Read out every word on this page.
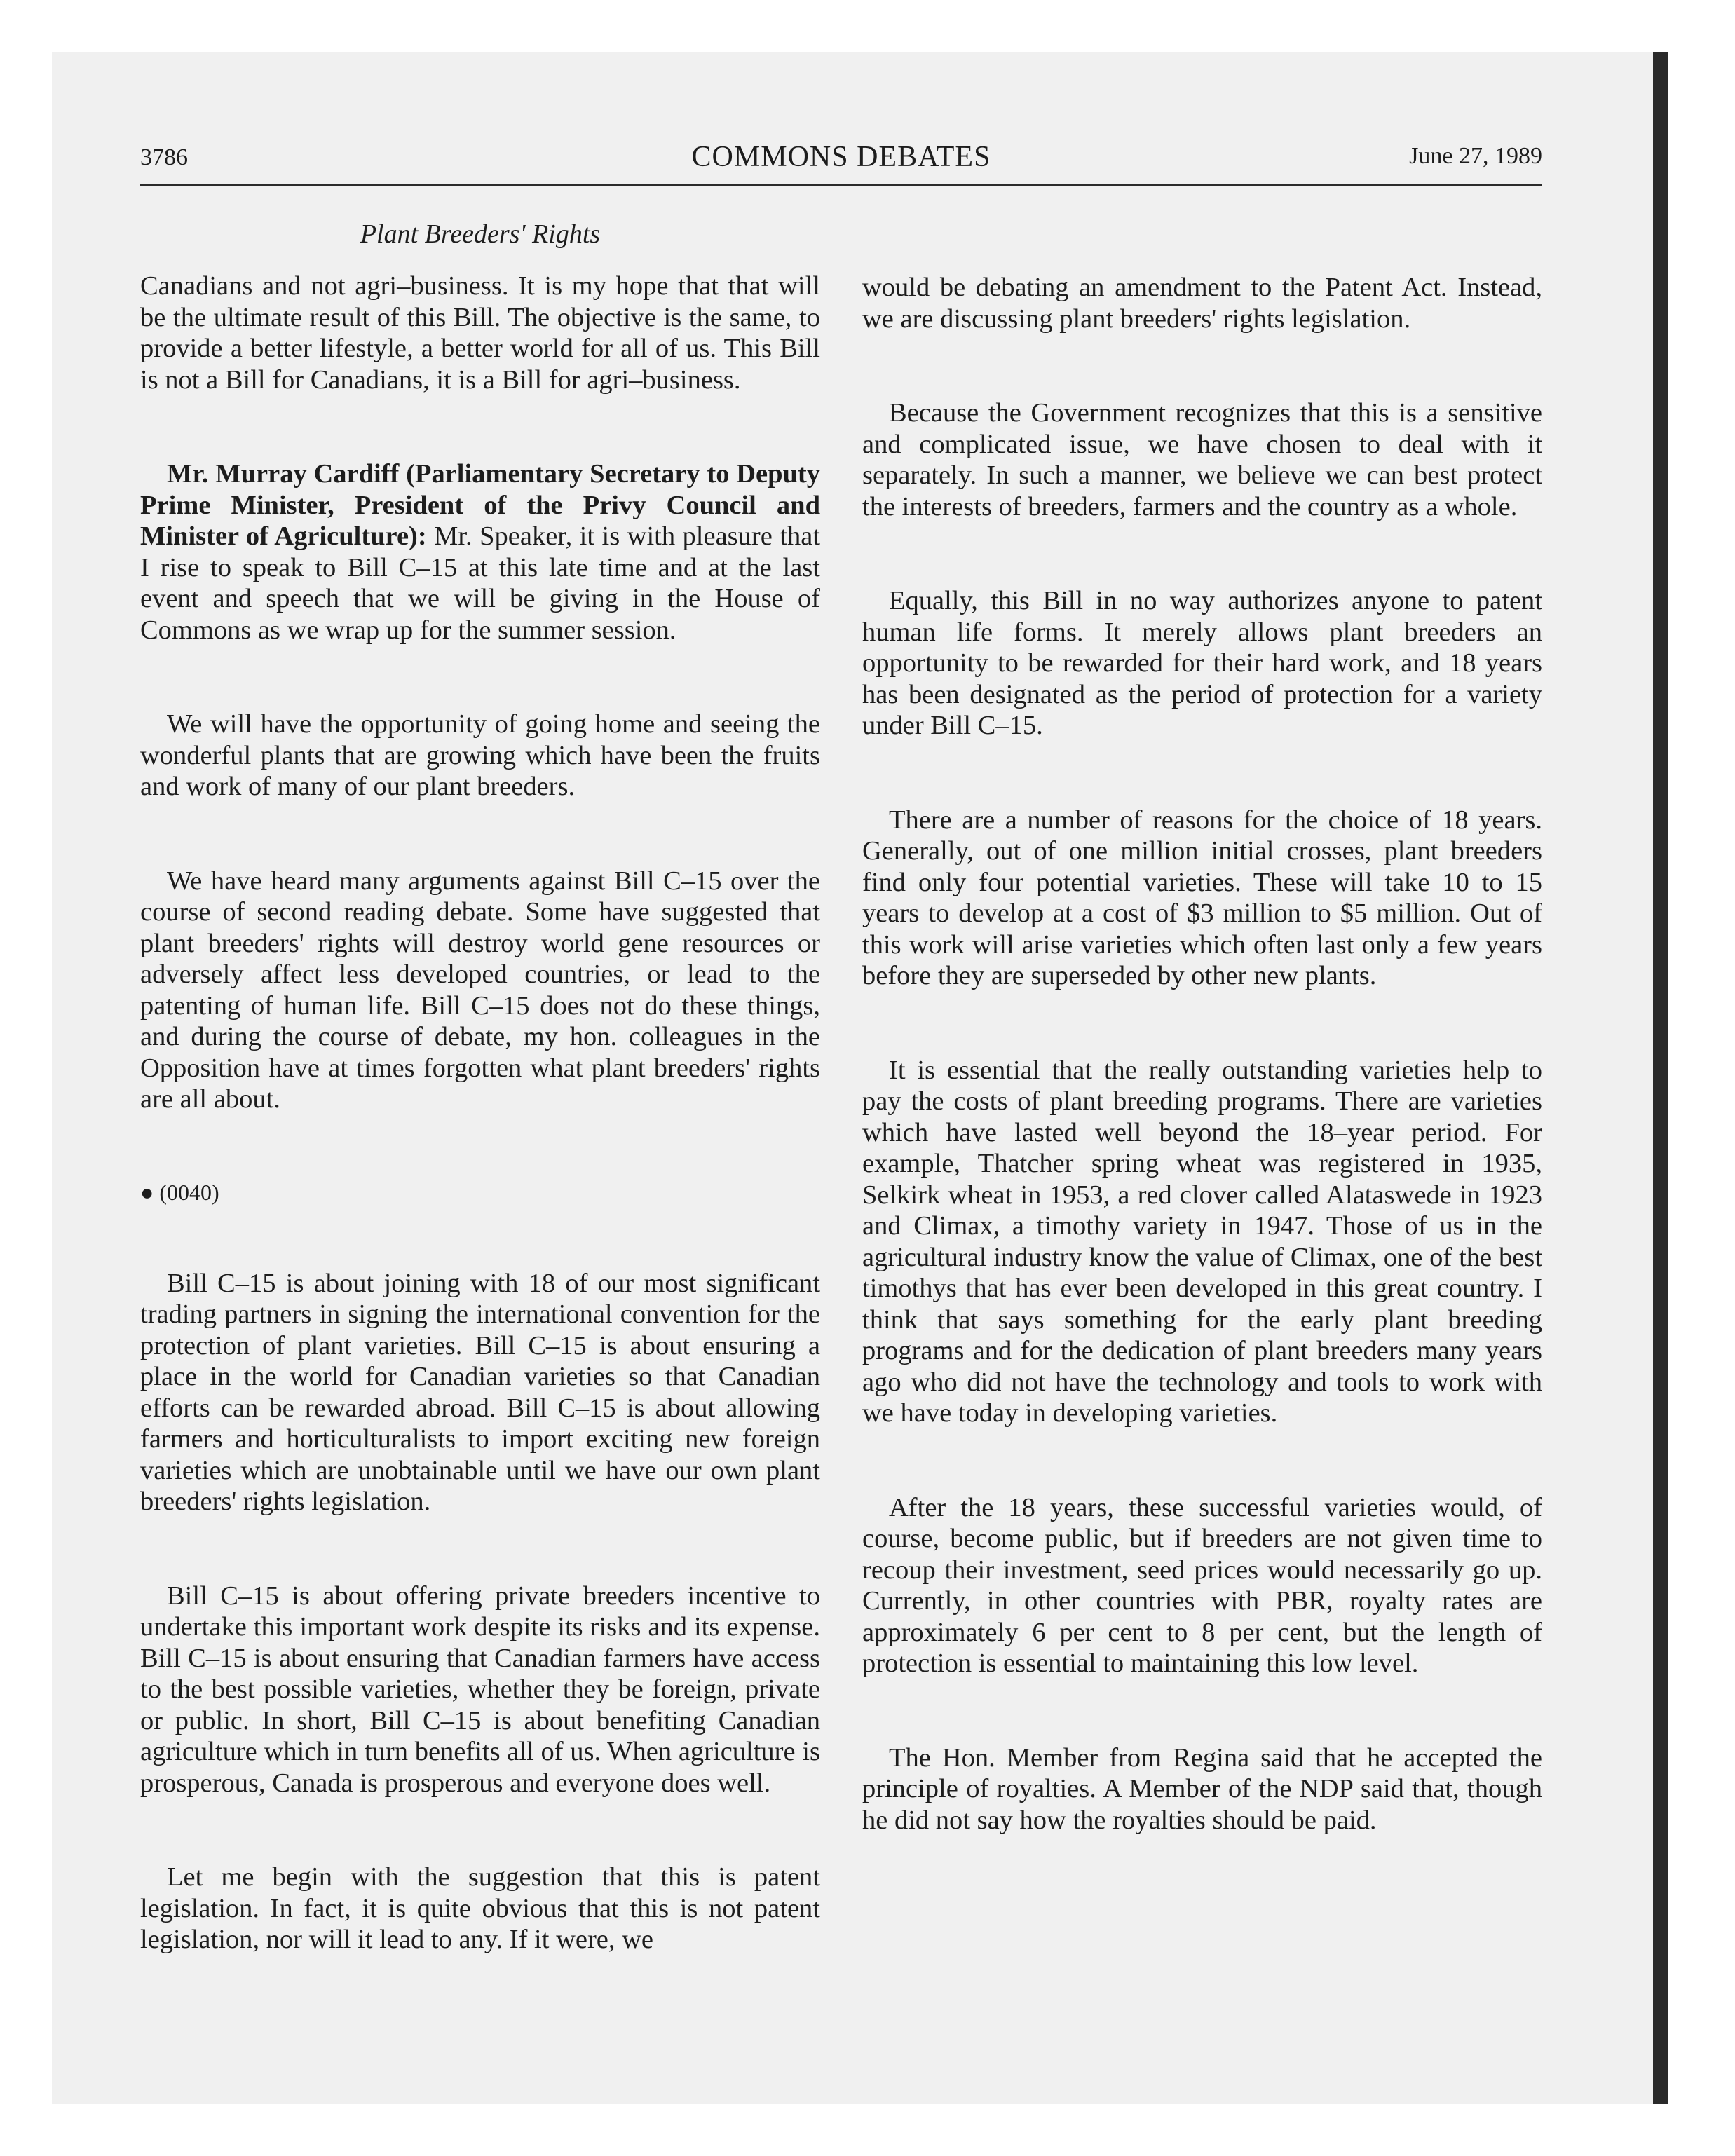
3786	COMMONS DEBATES	June 27, 1989
Plant Breeders' Rights

Canadians and not agri–business. It is my hope that that will be the ultimate result of this Bill. The objective is the same, to provide a better lifestyle, a better world for all of us. This Bill is not a Bill for Canadians, it is a Bill for agri–business.

Mr. Murray Cardiff (Parliamentary Secretary to Deputy Prime Minister, President of the Privy Council and Minister of Agriculture): Mr. Speaker, it is with pleasure that I rise to speak to Bill C–15 at this late time and at the last event and speech that we will be giving in the House of Commons as we wrap up for the summer session.

We will have the opportunity of going home and seeing the wonderful plants that are growing which have been the fruits and work of many of our plant breeders.

We have heard many arguments against Bill C–15 over the course of second reading debate. Some have suggested that plant breeders' rights will destroy world gene resources or adversely affect less developed countries, or lead to the patenting of human life. Bill C–15 does not do these things, and during the course of debate, my hon. colleagues in the Opposition have at times forgotten what plant breeders' rights are all about.

● (0040)

Bill C–15 is about joining with 18 of our most significant trading partners in signing the international convention for the protection of plant varieties. Bill C–15 is about ensuring a place in the world for Canadian varieties so that Canadian efforts can be rewarded abroad. Bill C–15 is about allowing farmers and horticulturalists to import exciting new foreign varieties which are unobtainable until we have our own plant breeders' rights legislation.

Bill C–15 is about offering private breeders incentive to undertake this important work despite its risks and its expense. Bill C–15 is about ensuring that Canadian farmers have access to the best possible varieties, whether they be foreign, private or public. In short, Bill C–15 is about benefiting Canadian agriculture which in turn benefits all of us. When agriculture is prosperous, Canada is prosperous and everyone does well.

Let me begin with the suggestion that this is patent legislation. In fact, it is quite obvious that this is not patent legislation, nor will it lead to any. If it were, we

would be debating an amendment to the Patent Act. Instead, we are discussing plant breeders' rights legislation.

Because the Government recognizes that this is a sensitive and complicated issue, we have chosen to deal with it separately. In such a manner, we believe we can best protect the interests of breeders, farmers and the country as a whole.

Equally, this Bill in no way authorizes anyone to patent human life forms. It merely allows plant breeders an opportunity to be rewarded for their hard work, and 18 years has been designated as the period of protection for a variety under Bill C–15.

There are a number of reasons for the choice of 18 years. Generally, out of one million initial crosses, plant breeders find only four potential varieties. These will take 10 to 15 years to develop at a cost of $3 million to $5 million. Out of this work will arise varieties which often last only a few years before they are superseded by other new plants.

It is essential that the really outstanding varieties help to pay the costs of plant breeding programs. There are varieties which have lasted well beyond the 18–year period. For example, Thatcher spring wheat was registered in 1935, Selkirk wheat in 1953, a red clover called Alataswede in 1923 and Climax, a timothy variety in 1947. Those of us in the agricultural industry know the value of Climax, one of the best timothys that has ever been developed in this great country. I think that says something for the early plant breeding programs and for the dedication of plant breeders many years ago who did not have the technology and tools to work with we have today in developing varieties.

After the 18 years, these successful varieties would, of course, become public, but if breeders are not given time to recoup their investment, seed prices would necessarily go up. Currently, in other countries with PBR, royalty rates are approximately 6 per cent to 8 per cent, but the length of protection is essential to maintaining this low level.

The Hon. Member from Regina said that he accepted the principle of royalties. A Member of the NDP said that, though he did not say how the royalties should be paid.
